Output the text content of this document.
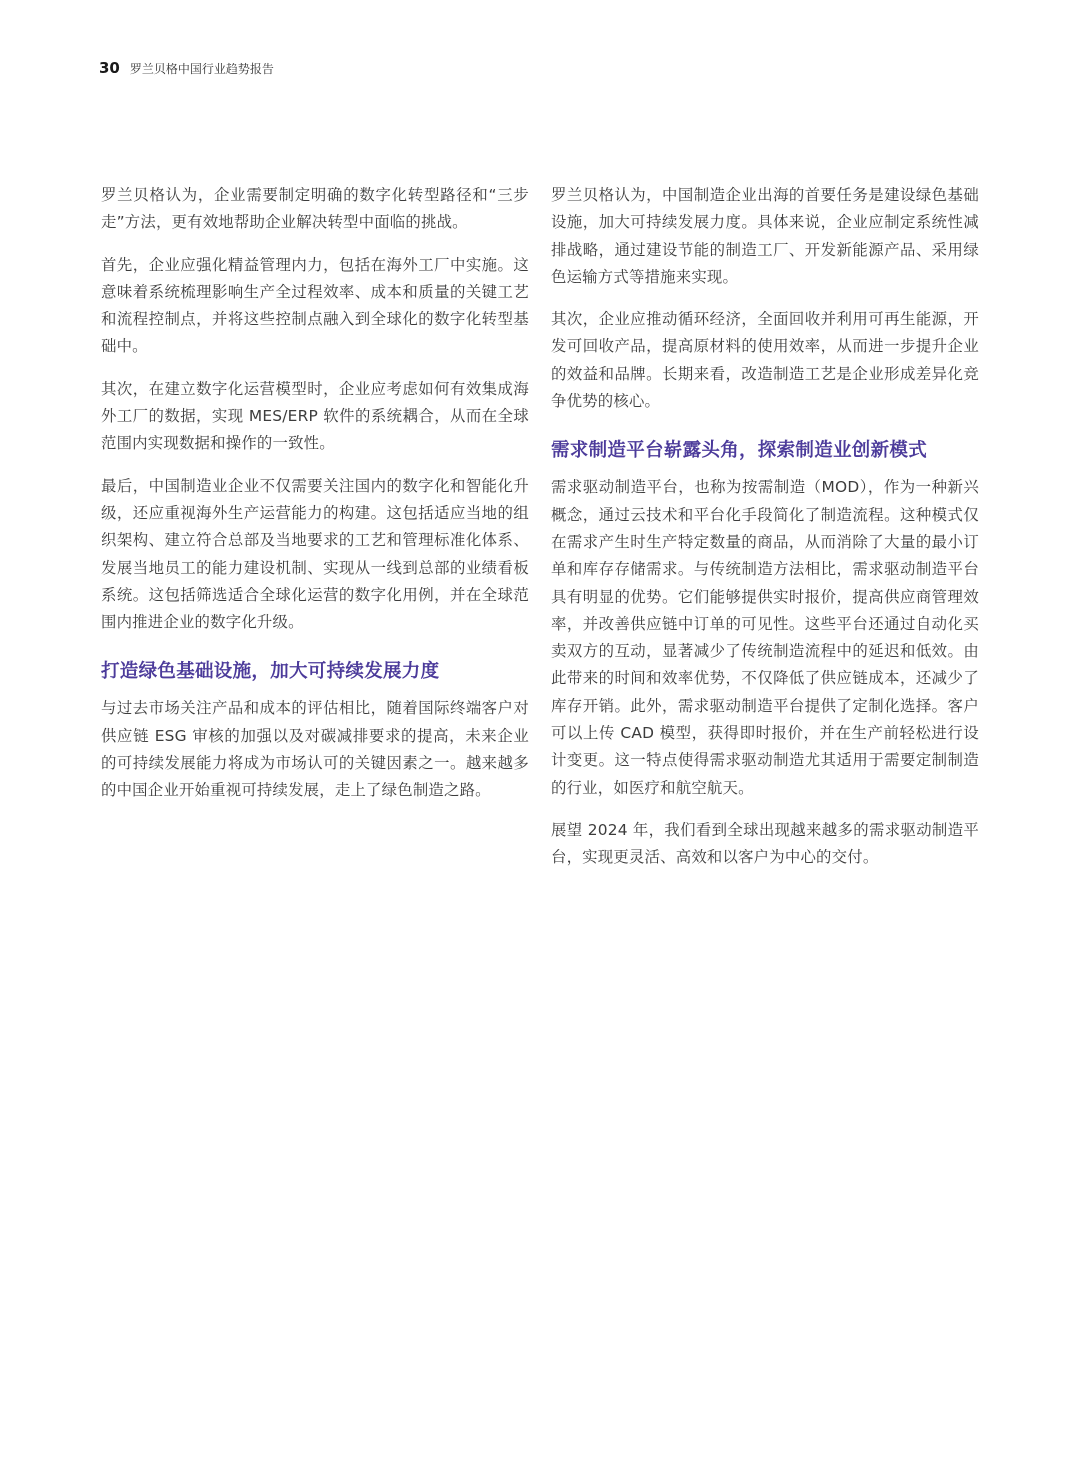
30 罗兰贝格中国行业趋势报告

罗兰贝格认为，企业需要制定明确的数字化转型路径和“三步走”方法，更有效地帮助企业解决转型中面临的挑战。

首先，企业应强化精益管理内力，包括在海外工厂中实施。这意味着系统梳理影响生产全过程效率、成本和质量的关键工艺和流程控制点，并将这些控制点融入到全球化的数字化转型基础中。

其次，在建立数字化运营模型时，企业应考虑如何有效集成海外工厂的数据，实现 MES/ERP 软件的系统耦合，从而在全球范围内实现数据和操作的一致性。

最后，中国制造业企业不仅需要关注国内的数字化和智能化升级，还应重视海外生产运营能力的构建。这包括适应当地的组织架构、建立符合总部及当地要求的工艺和管理标准化体系、发展当地员工的能力建设机制、实现从一线到总部的业绩看板系统。这包括筛选适合全球化运营的数字化用例，并在全球范围内推进企业的数字化升级。

打造绿色基础设施，加大可持续发展力度

与过去市场关注产品和成本的评估相比，随着国际终端客户对供应链 ESG 审核的加强以及对碳减排要求的提高，未来企业的可持续发展能力将成为市场认可的关键因素之一。越来越多的中国企业开始重视可持续发展，走上了绿色制造之路。

罗兰贝格认为，中国制造企业出海的首要任务是建设绿色基础设施，加大可持续发展力度。具体来说，企业应制定系统性减排战略，通过建设节能的制造工厂、开发新能源产品、采用绿色运输方式等措施来实现。

其次，企业应推动循环经济，全面回收并利用可再生能源，开发可回收产品，提高原材料的使用效率，从而进一步提升企业的效益和品牌。长期来看，改造制造工艺是企业形成差异化竞争优势的核心。

需求制造平台崭露头角，探索制造业创新模式

需求驱动制造平台，也称为按需制造（MOD），作为一种新兴概念，通过云技术和平台化手段简化了制造流程。这种模式仅在需求产生时生产特定数量的商品，从而消除了大量的最小订单和库存存储需求。与传统制造方法相比，需求驱动制造平台具有明显的优势。它们能够提供实时报价，提高供应商管理效率，并改善供应链中订单的可见性。这些平台还通过自动化买卖双方的互动，显著减少了传统制造流程中的延迟和低效。由此带来的时间和效率优势，不仅降低了供应链成本，还减少了库存开销。此外，需求驱动制造平台提供了定制化选择。客户可以上传 CAD 模型，获得即时报价，并在生产前轻松进行设计变更。这一特点使得需求驱动制造尤其适用于需要定制制造的行业，如医疗和航空航天。

展望 2024 年，我们看到全球出现越来越多的需求驱动制造平台，实现更灵活、高效和以客户为中心的交付。
